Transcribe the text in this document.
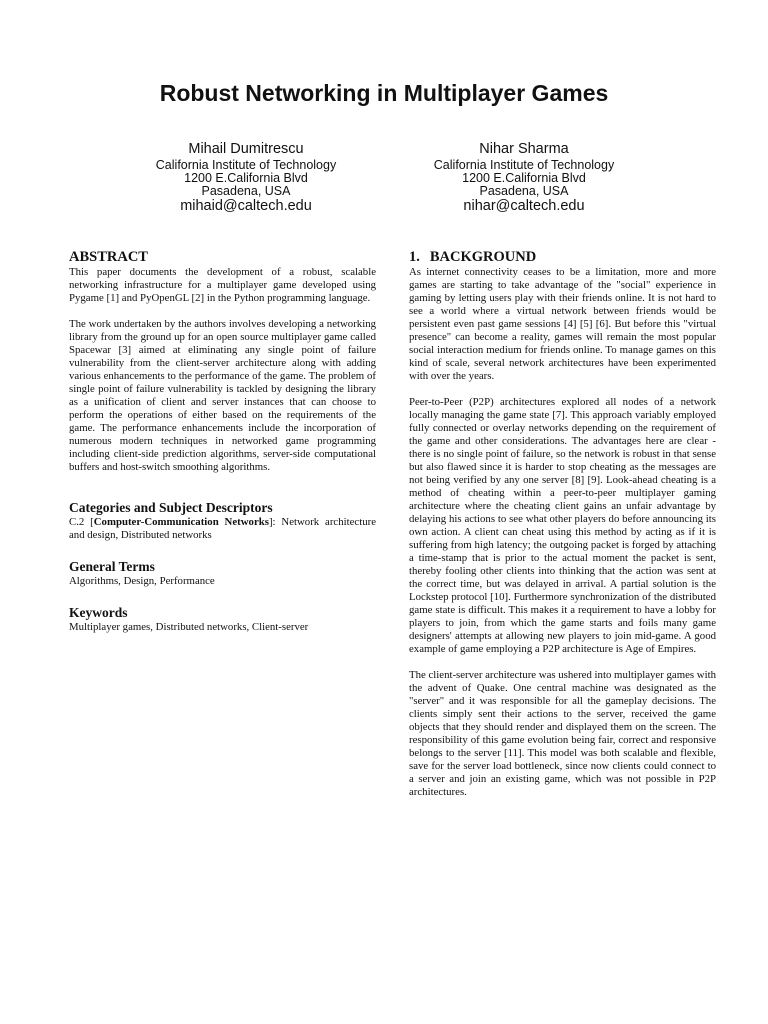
Robust Networking in Multiplayer Games
Mihail Dumitrescu
California Institute of Technology
1200 E.California Blvd
Pasadena, USA
mihaid@caltech.edu
Nihar Sharma
California Institute of Technology
1200 E.California Blvd
Pasadena, USA
nihar@caltech.edu
ABSTRACT

This paper documents the development of a robust, scalable networking infrastructure for a multiplayer game developed using Pygame [1] and PyOpenGL [2] in the Python programming language.

The work undertaken by the authors involves developing a networking library from the ground up for an open source multiplayer game called Spacewar [3] aimed at eliminating any single point of failure vulnerability from the client-server architecture along with adding various enhancements to the performance of the game. The problem of single point of failure vulnerability is tackled by designing the library as a unification of client and server instances that can choose to perform the operations of either based on the requirements of the game. The performance enhancements include the incorporation of numerous modern techniques in networked game programming including client-side prediction algorithms, server-side computational buffers and host-switch smoothing algorithms.

Categories and Subject Descriptors

C.2 [Computer-Communication Networks]: Network architecture and design, Distributed networks

General Terms

Algorithms, Design, Performance

Keywords

Multiplayer games, Distributed networks, Client-server

1. BACKGROUND

As internet connectivity ceases to be a limitation, more and more games are starting to take advantage of the "social" experience in gaming by letting users play with their friends online. It is not hard to see a world where a virtual network between friends would be persistent even past game sessions [4] [5] [6]. But before this "virtual presence" can become a reality, games will remain the most popular social interaction medium for friends online. To manage games on this kind of scale, several network architectures have been experimented with over the years.

Peer-to-Peer (P2P) architectures explored all nodes of a network locally managing the game state [7]. This approach variably employed fully connected or overlay networks depending on the requirement of the game and other considerations. The advantages here are clear - there is no single point of failure, so the network is robust in that sense but also flawed since it is harder to stop cheating as the messages are not being verified by any one server [8] [9]. Look-ahead cheating is a method of cheating within a peer-to-peer multiplayer gaming architecture where the cheating client gains an unfair advantage by delaying his actions to see what other players do before announcing its own action. A client can cheat using this method by acting as if it is suffering from high latency; the outgoing packet is forged by attaching a time-stamp that is prior to the actual moment the packet is sent, thereby fooling other clients into thinking that the action was sent at the correct time, but was delayed in arrival. A partial solution is the Lockstep protocol [10]. Furthermore synchronization of the distributed game state is difficult. This makes it a requirement to have a lobby for players to join, from which the game starts and foils many game designers' attempts at allowing new players to join mid-game. A good example of game employing a P2P architecture is Age of Empires.

The client-server architecture was ushered into multiplayer games with the advent of Quake. One central machine was designated as the "server" and it was responsible for all the gameplay decisions. The clients simply sent their actions to the server, received the game objects that they should render and displayed them on the screen. The responsibility of this game evolution being fair, correct and responsive belongs to the server [11]. This model was both scalable and flexible, save for the server load bottleneck, since now clients could connect to a server and join an existing game, which was not possible in P2P architectures.
